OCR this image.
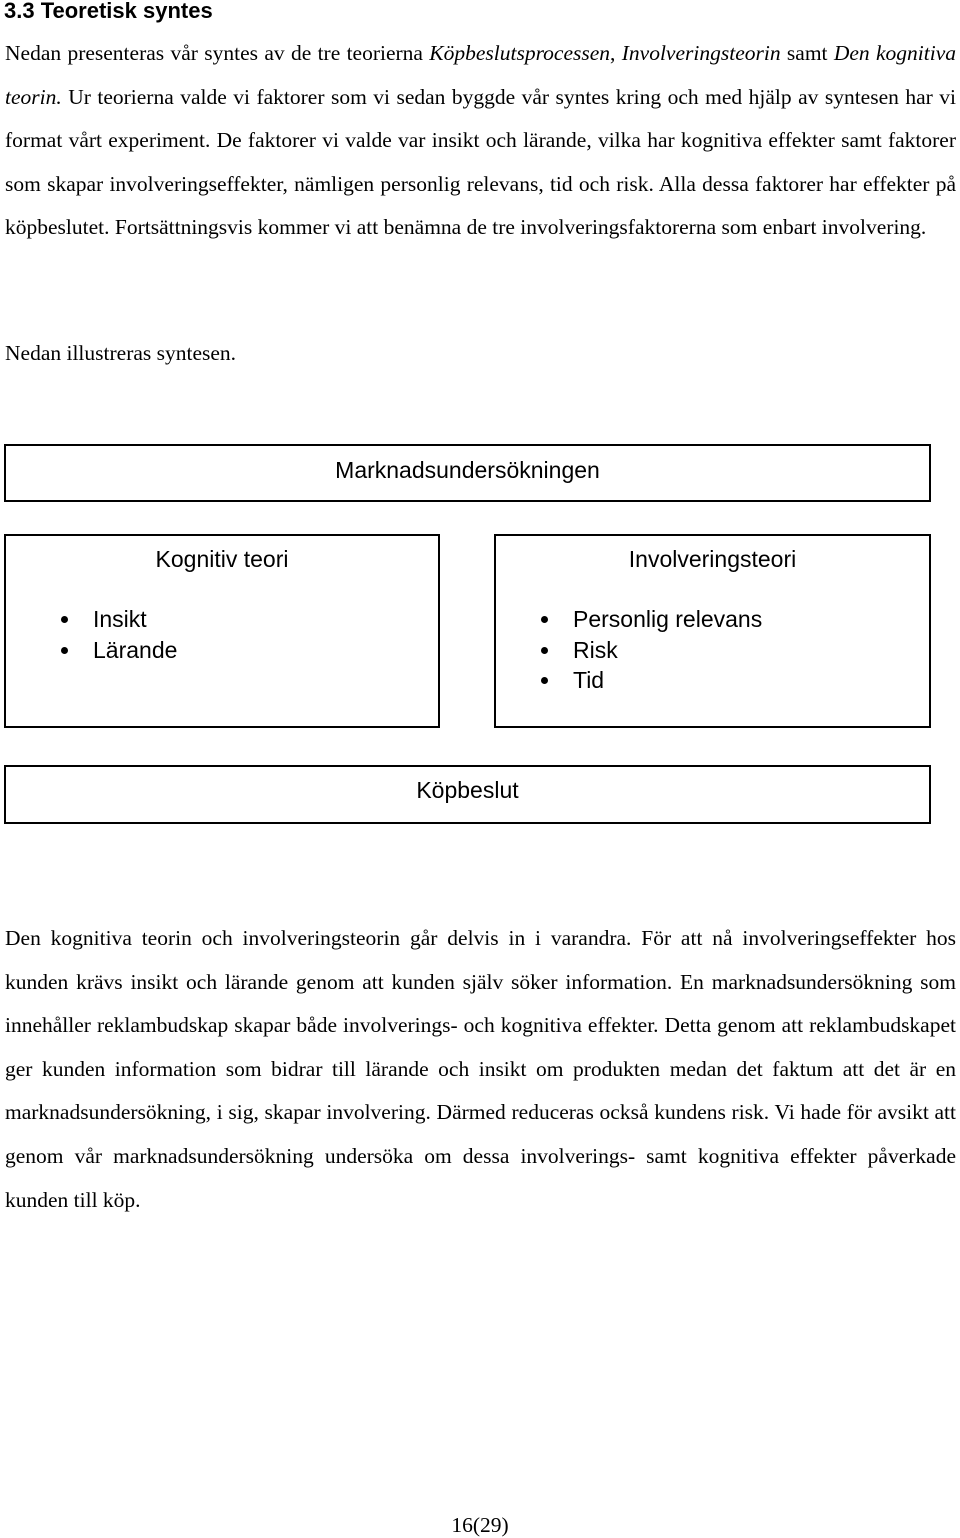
3.3 Teoretisk syntes

Nedan presenteras vår syntes av de tre teorierna Köpbeslutsprocessen, Involveringsteorin samt Den kognitiva teorin. Ur teorierna valde vi faktorer som vi sedan byggde vår syntes kring och med hjälp av syntesen har vi format vårt experiment. De faktorer vi valde var insikt och lärande, vilka har kognitiva effekter samt faktorer som skapar involveringseffekter, nämligen personlig relevans, tid och risk. Alla dessa faktorer har effekter på köpbeslutet. Fortsättningsvis kommer vi att benämna de tre involveringsfaktorerna som enbart involvering.

Nedan illustreras syntesen.

Marknadsundersökningen
Kognitiv teori
Insikt
Lärande
Involveringsteori
Personlig relevans
Risk
Tid
Köpbeslut

Den kognitiva teorin och involveringsteorin går delvis in i varandra. För att nå involveringseffekter hos kunden krävs insikt och lärande genom att kunden själv söker information. En marknadsundersökning som innehåller reklambudskap skapar både involverings- och kognitiva effekter. Detta genom att reklambudskapet ger kunden information som bidrar till lärande och insikt om produkten medan det faktum att det är en marknadsundersökning, i sig, skapar involvering. Därmed reduceras också kundens risk. Vi hade för avsikt att genom vår marknadsundersökning undersöka om dessa involverings- samt kognitiva effekter påverkade kunden till köp.

16(29)
